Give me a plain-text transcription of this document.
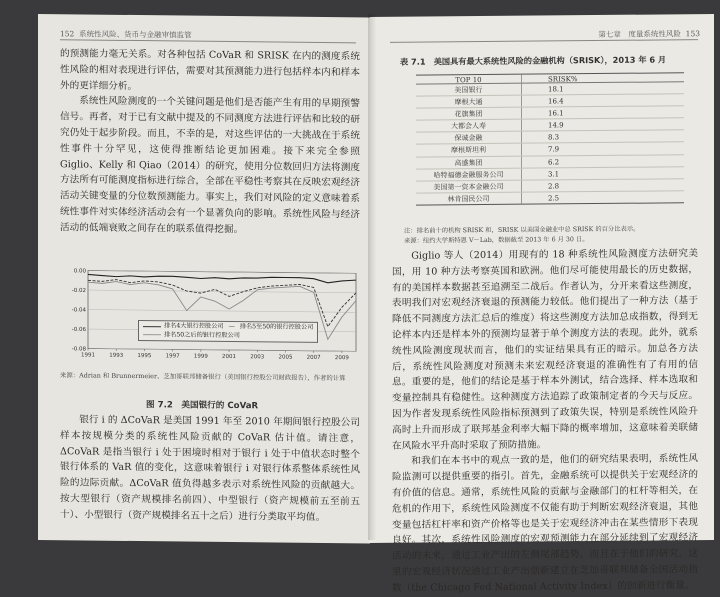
152 系统性风险、货币与金融审慎监管

的预测能力毫无关系。对各种包括 CoVaR 和 SRISK 在内的测度系统性风险的相对表现进行评估，需要对其预测能力进行包括样本内和样本外的更详细分析。

系统性风险测度的一个关键问题是他们是否能产生有用的早期预警信号。再者，对于已有文献中提及的不同测度方法进行评估和比较的研究仍处于起步阶段。而且，不幸的是，对这些评估的一大挑战在于系统性事件十分罕见，这使得推断结论更加困难。接下来完全参照 Giglio、Kelly 和 Qiao（2014）的研究，使用分位数回归方法将测度方法所有可能测度指标进行综合，全部在平稳性考察其在反映宏观经济活动关键变量的分位数预测能力。事实上，我们对风险的定义意味着系统性事件对实体经济活动会有一个显著负向的影响。系统性风险与经济活动的低端衰败之间存在的联系值得挖掘。

0.00
-0.02
-0.04
-0.06
-0.08
1991	1993	1995	1997	1999	2001	2003	2005	2007	2009
排名4大银行控股公司 — 排名5至50的银行控股公司
排名50之后的银行控股公司
来源：Adrian 和 Brunnermeier、芝加哥联邦储备银行（美国银行控股公司财政报告），作者的计算
图 7.2　美国银行的 CoVaR

银行 i 的 ΔCoVaR 是美国 1991 年至 2010 年期间银行控股公司样本按规模分类的系统性风险贡献的 CoVaR 估计值。请注意，ΔCoVaR 是指当银行 i 处于困境时相对于银行 i 处于中值状态时整个银行体系的 VaR 值的变化，这意味着银行 i 对银行体系整体系统性风险的边际贡献。ΔCoVaR 值负得越多表示对系统性风险的贡献越大。按大型银行（资产规模排名前四）、中型银行（资产规模前五至前五十）、小型银行（资产规模排名五十之后）进行分类取平均值。

第七章　度量系统性风险 153
表 7.1　美国具有最大系统性风险的金融机构（SRISK），2013 年 6 月
TOP 10	SRISK%
美国银行	18.1
摩根大通	16.4
花旗集团	16.1
大都会人寿	14.9
保诚金融	8.3
摩根斯坦利	7.9
高盛集团	6.2
哈特福德金融服务公司	3.1
美国第一资本金融公司	2.8
林肯国民公司	2.5
注：排名前十的机构 SRISK 和，SRISK 以美国金融业中总 SRISK 的百分比表示。
来源：纽约大学斯特恩 V－Lab，数据截至 2013 年 6 月 30 日。

Giglio 等人（2014）用现有的 18 种系统性风险测度方法研究美国，用 10 种方法考察英国和欧洲。他们尽可能使用最长的历史数据，有的美国样本数据甚至追溯至二战后。作者认为，分开来看这些测度，表明我们对宏观经济衰退的预测能力较低。他们提出了一种方法（基于降低不同测度方法汇总后的维度）将这些测度方法加总成指数，得到无论样本内还是样本外的预测均显著于单个测度方法的表现。此外，就系统性风险测度现状而言，他们的实证结果具有正的暗示。加总各方法后，系统性风险测度对预测未来宏观经济衰退的准确性有了有用的信息。重要的是，他们的结论是基于样本外测试，结合选择、样本选取和变量控制具有稳健性。这种测度方法追踪了政策制定者的今天与反应。因为作者发现系统性风险指标预测到了政策失误，特别是系统性风险升高时上升而形成了联邦基金利率大幅下降的概率增加，这意味着美联储在风险水平升高时采取了预防措施。

和我们在本书中的观点一致的是，他们的研究结果表明，系统性风险监测可以提供重要的指引。首先，金融系统可以提供关于宏观经济的有价值的信息。通常，系统性风险的贡献与金融部门的杠杆等相关，在危机的作用下，系统性风险测度不仅能有助于判断宏观经济衰退，其他变量包括杠杆率和资产价格等也是关于宏观经济冲击在某些情形下表现良好。其次，系统性风险测度的宏观预测能力在部分延续到了宏观经济活动的未来，通过工业产出的左侧尾部趋势。而且在于他们的研究，这里的宏观经济状况通过工业产出创新建立在芝加哥联邦储备全国活动指数（the Chicago Fed National Activity Index）的创新进行衡量。
